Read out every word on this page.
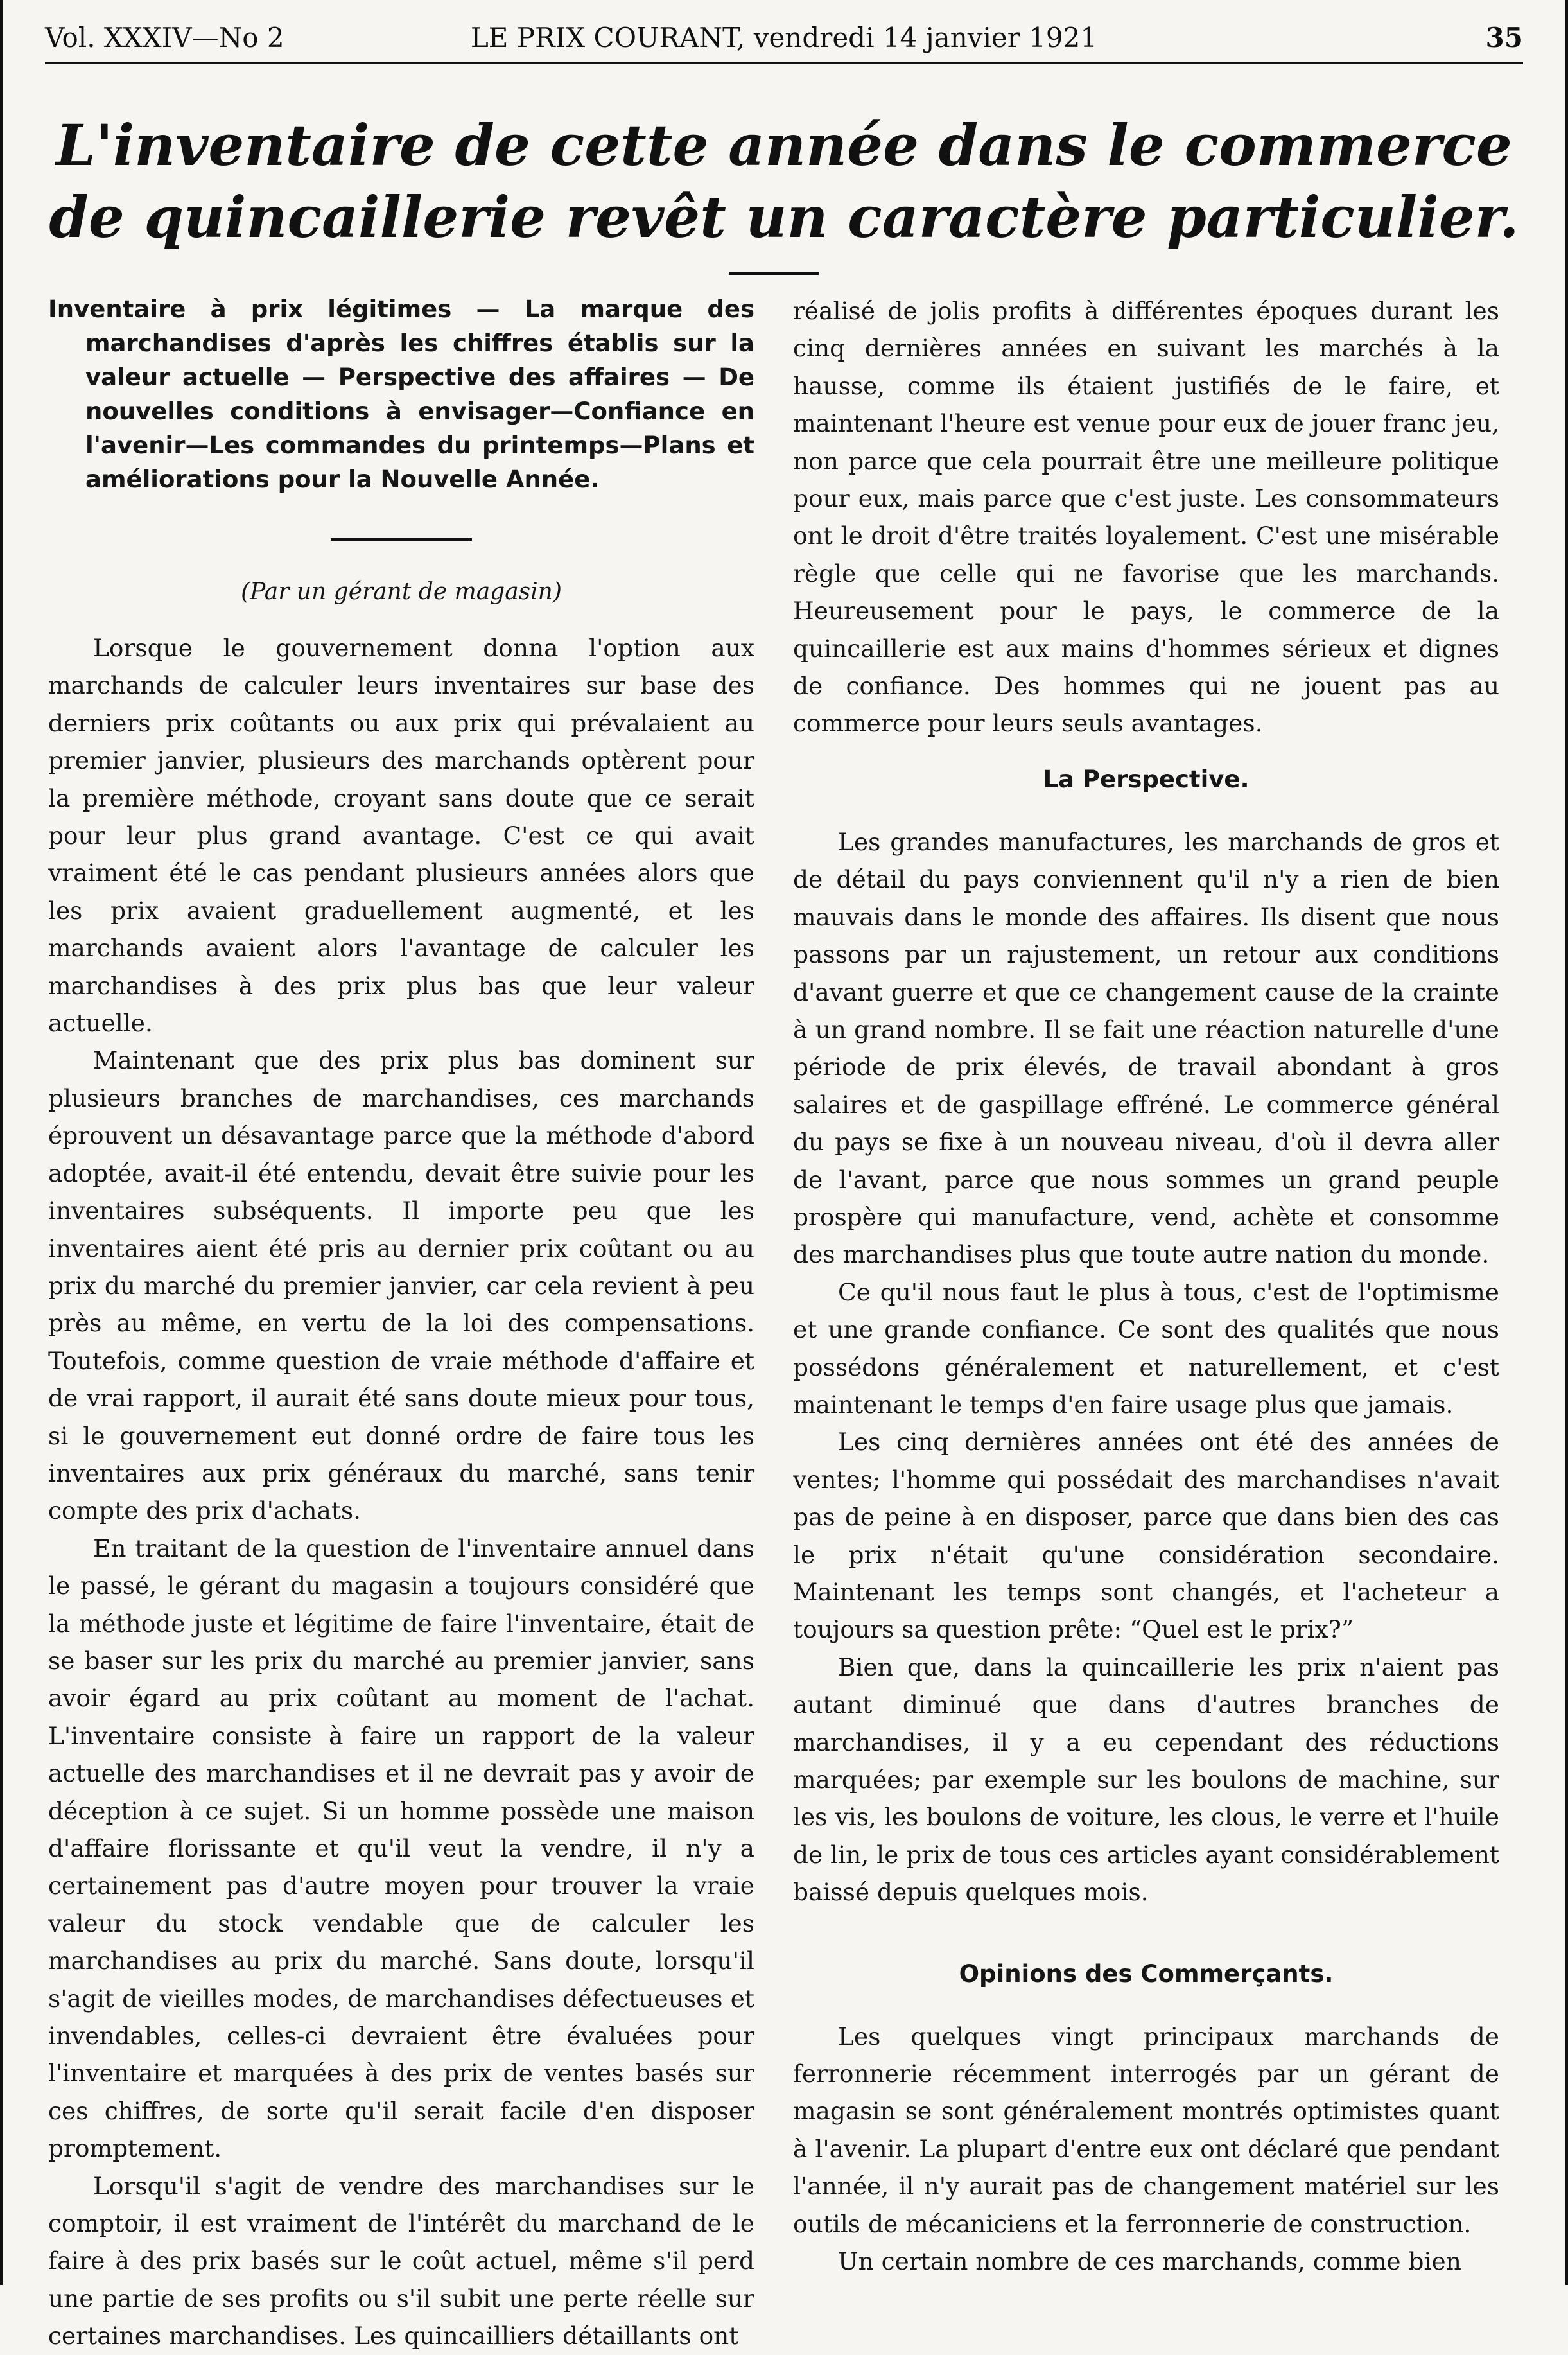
Vol. XXXIV—No 2	LE PRIX COURANT, vendredi 14 janvier 1921	35
L'inventaire de cette année dans le commerce de quincaillerie revêt un caractère particulier.

Inventaire à prix légitimes — La marque des marchandises d'après les chiffres établis sur la valeur actuelle — Perspective des affaires — De nouvelles conditions à envisager—Confiance en l'avenir—Les commandes du printemps—Plans et améliorations pour la Nouvelle Année.

(Par un gérant de magasin)

Lorsque le gouvernement donna l'option aux marchands de calculer leurs inventaires sur base des derniers prix coûtants ou aux prix qui prévalaient au premier janvier, plusieurs des marchands optèrent pour la première méthode, croyant sans doute que ce serait pour leur plus grand avantage. C'est ce qui avait vraiment été le cas pendant plusieurs années alors que les prix avaient graduellement augmenté, et les marchands avaient alors l'avantage de calculer les marchandises à des prix plus bas que leur valeur actuelle.

Maintenant que des prix plus bas dominent sur plusieurs branches de marchandises, ces marchands éprouvent un désavantage parce que la méthode d'abord adoptée, avait-il été entendu, devait être suivie pour les inventaires subséquents. Il importe peu que les inventaires aient été pris au dernier prix coûtant ou au prix du marché du premier janvier, car cela revient à peu près au même, en vertu de la loi des compensations. Toutefois, comme question de vraie méthode d'affaire et de vrai rapport, il aurait été sans doute mieux pour tous, si le gouvernement eut donné ordre de faire tous les inventaires aux prix généraux du marché, sans tenir compte des prix d'achats.

En traitant de la question de l'inventaire annuel dans le passé, le gérant du magasin a toujours considéré que la méthode juste et légitime de faire l'inventaire, était de se baser sur les prix du marché au premier janvier, sans avoir égard au prix coûtant au moment de l'achat. L'inventaire consiste à faire un rapport de la valeur actuelle des marchandises et il ne devrait pas y avoir de déception à ce sujet. Si un homme possède une maison d'affaire florissante et qu'il veut la vendre, il n'y a certainement pas d'autre moyen pour trouver la vraie valeur du stock vendable que de calculer les marchandises au prix du marché. Sans doute, lorsqu'il s'agit de vieilles modes, de marchandises défectueuses et invendables, celles-ci devraient être évaluées pour l'inventaire et marquées à des prix de ventes basés sur ces chiffres, de sorte qu'il serait facile d'en disposer promptement.

Lorsqu'il s'agit de vendre des marchandises sur le comptoir, il est vraiment de l'intérêt du marchand de le faire à des prix basés sur le coût actuel, même s'il perd une partie de ses profits ou s'il subit une perte réelle sur certaines marchandises. Les quincailliers détaillants ont

réalisé de jolis profits à différentes époques durant les cinq dernières années en suivant les marchés à la hausse, comme ils étaient justifiés de le faire, et maintenant l'heure est venue pour eux de jouer franc jeu, non parce que cela pourrait être une meilleure politique pour eux, mais parce que c'est juste. Les consommateurs ont le droit d'être traités loyalement. C'est une misérable règle que celle qui ne favorise que les marchands. Heureusement pour le pays, le commerce de la quincaillerie est aux mains d'hommes sérieux et dignes de confiance. Des hommes qui ne jouent pas au commerce pour leurs seuls avantages.

La Perspective.

Les grandes manufactures, les marchands de gros et de détail du pays conviennent qu'il n'y a rien de bien mauvais dans le monde des affaires. Ils disent que nous passons par un rajustement, un retour aux conditions d'avant guerre et que ce changement cause de la crainte à un grand nombre. Il se fait une réaction naturelle d'une période de prix élevés, de travail abondant à gros salaires et de gaspillage effréné. Le commerce général du pays se fixe à un nouveau niveau, d'où il devra aller de l'avant, parce que nous sommes un grand peuple prospère qui manufacture, vend, achète et consomme des marchandises plus que toute autre nation du monde.

Ce qu'il nous faut le plus à tous, c'est de l'optimisme et une grande confiance. Ce sont des qualités que nous possédons généralement et naturellement, et c'est maintenant le temps d'en faire usage plus que jamais.

Les cinq dernières années ont été des années de ventes; l'homme qui possédait des marchandises n'avait pas de peine à en disposer, parce que dans bien des cas le prix n'était qu'une considération secondaire. Maintenant les temps sont changés, et l'acheteur a toujours sa question prête: “Quel est le prix?”

Bien que, dans la quincaillerie les prix n'aient pas autant diminué que dans d'autres branches de marchandises, il y a eu cependant des réductions marquées; par exemple sur les boulons de machine, sur les vis, les boulons de voiture, les clous, le verre et l'huile de lin, le prix de tous ces articles ayant considérablement baissé depuis quelques mois.

Opinions des Commerçants.

Les quelques vingt principaux marchands de ferronnerie récemment interrogés par un gérant de magasin se sont généralement montrés optimistes quant à l'avenir. La plupart d'entre eux ont déclaré que pendant l'année, il n'y aurait pas de changement matériel sur les outils de mécaniciens et la ferronnerie de construction.

Un certain nombre de ces marchands, comme bien
